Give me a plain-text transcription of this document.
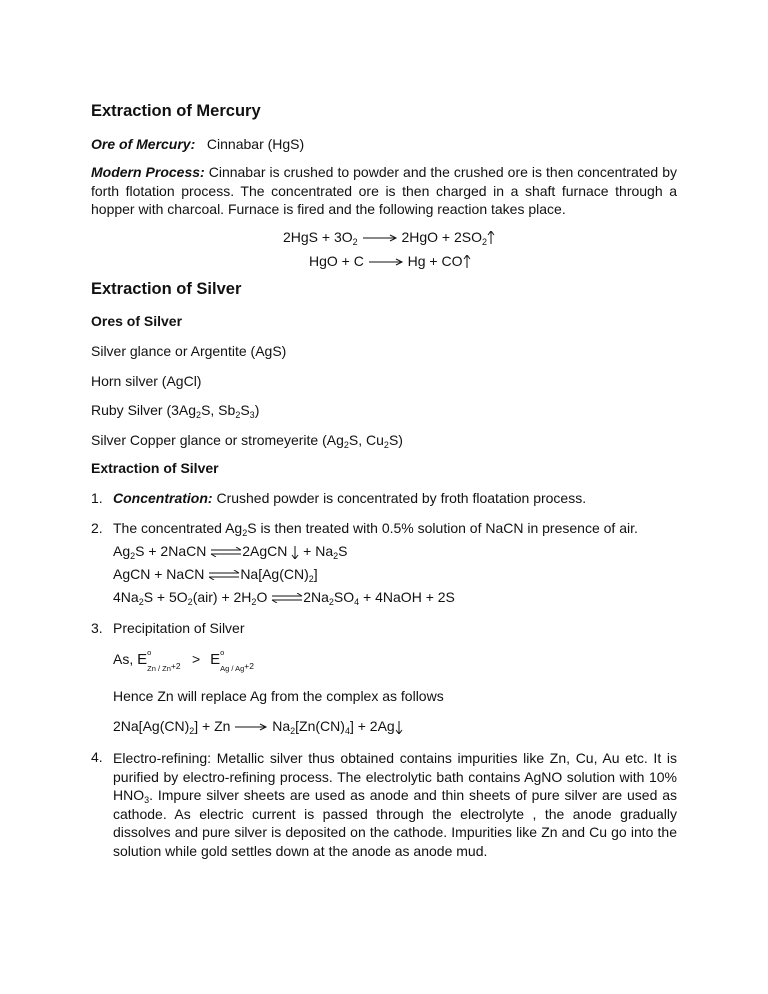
Extraction of Mercury
Ore of Mercury: Cinnabar (HgS)
Modern Process: Cinnabar is crushed to powder and the crushed ore is then concentrated by forth flotation process. The concentrated ore is then charged in a shaft furnace through a hopper with charcoal. Furnace is fired and the following reaction takes place.
$2HgS + 3O_2$	$2HgO + 2SO_2$
HgO + C	Hg + CO
Extraction of Silver
Ores of Silver
Silver glance or Argentite (AgS)
Horn silver (AgCl)
Ruby Silver ($3Ag_2S$, $Sb_2S_3$)
Silver Copper glance or stromeyerite ($Ag_2S$, $Cu_2S$)
Extraction of Silver
1. Concentration: Crushed powder is concentrated by froth floatation process.
2. The concentrated $Ag_2S$ is then treated with 0.5% solution of NaCN in presence of air.
$Ag_2S$ + 2NaCN ⇌2AgCN + $Na_2S$
AgCN + NaCN $\rightleftharpoons Na[Ag(CN)_2]$
$4Na_2S + 5O_2(air) + 2H_2O$ $\rightleftharpoons 2Na_2SO_4$ + 4NaOH + 2S
3. Precipitation of Silver
As, E o
Zn / Zn+2 > E o
Ag / Ag+2
Hence Zn will replace Ag from the complex as follows
$2Na[Ag(CN)_2] + Zn$	$Na_2[Zn(CN)_4] + 2Ag$
4. Electro-refining: Metallic silver thus obtained contains impurities like Zn, Cu, Au etc. It is purified by electro-refining process. The electrolytic bath contains AgNO solution with 10% $HNO_3$. Impure silver sheets are used as anode and thin sheets of pure silver are used as cathode. As electric current is passed through the electrolyte , the anode gradually dissolves and pure silver is deposited on the cathode. Impurities like Zn and Cu go into the solution while gold settles down at the anode as anode mud.
